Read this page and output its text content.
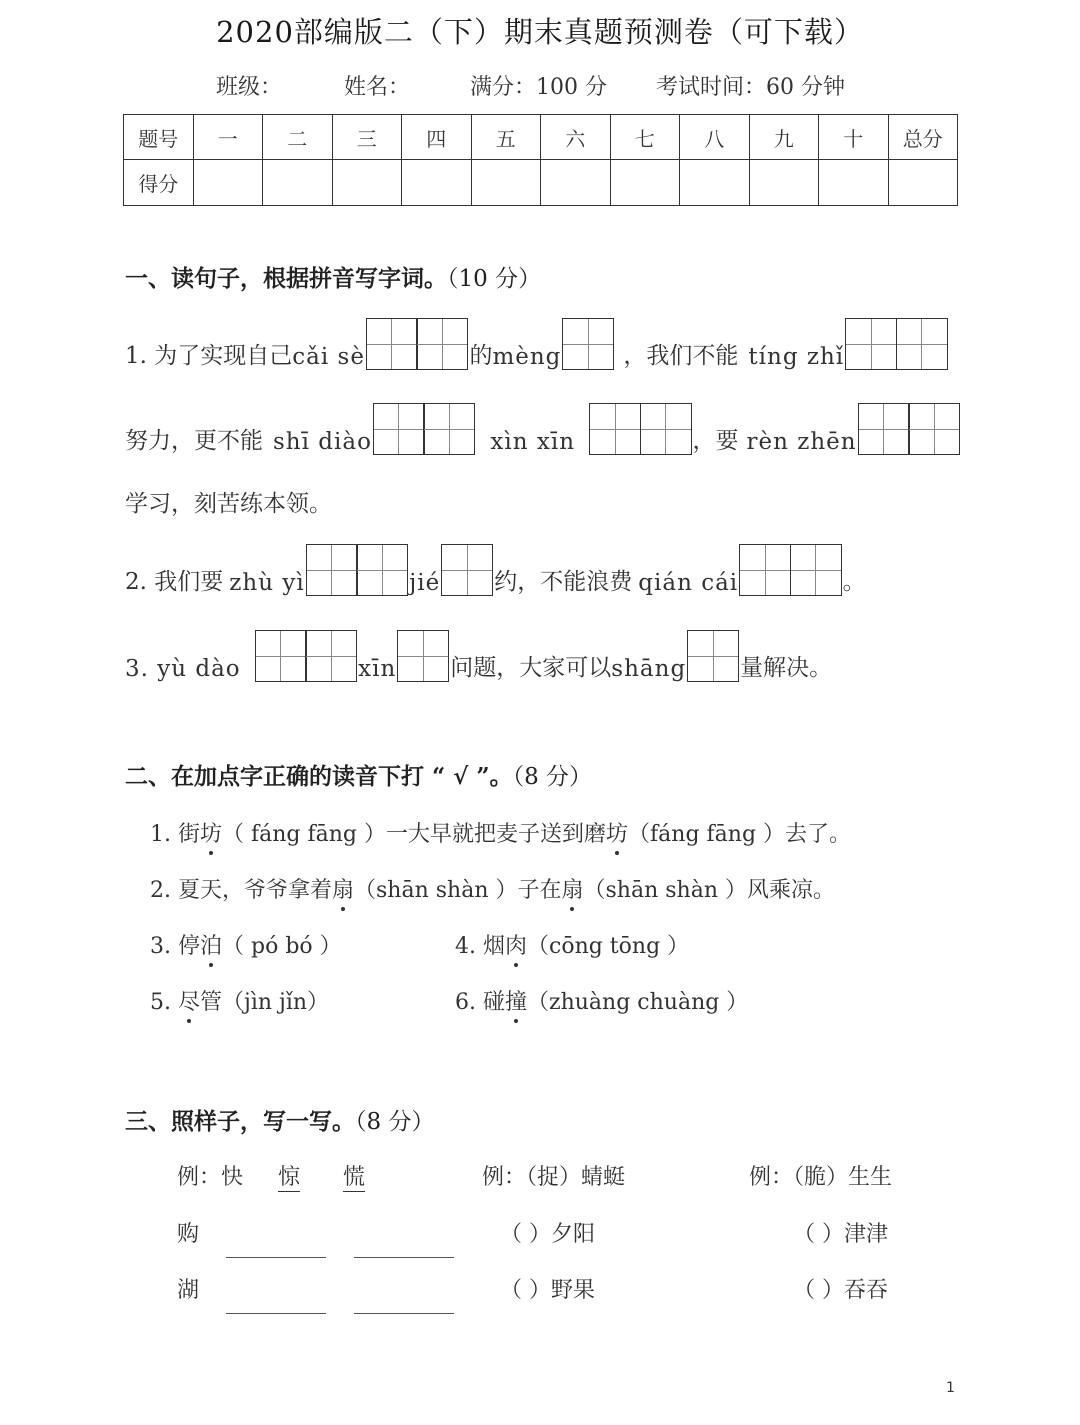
2020部编版二（下）期末真题预测卷（可下载）
班级：	姓名：	满分：100 分 考试时间：60 分钟
题号	一	二	三	四	五	六	七	八	九	十	总分
得分											
一、读句子，根据拼音写字词。（10 分）
1. 为了实现自己 cǎi sè	的 mèng	，我们不能 tíng zhǐ
努力，更不能 shī diào	xìn xīn	，要 rèn zhēn
学习，刻苦练本领。
2. 我们要 zhù yì	jié 约，不能浪费 qián cái	。
3. yù dào	xīn 问题，大家可以 shāng 量解决。
二、在加点字正确的读音下打 “ √ ”。（8 分）
1. 街坊（ fáng fāng ）一大早就把麦子送到磨坊（fáng fāng ）去了。
2. 夏天，爷爷拿着扇（shān shàn ）子在扇（shān shàn ）风乘凉。
3. 停泊（ pó bó ）	4. 烟肉（cōng tōng ）
5. 尽管（jìn jǐn）	6. 碰撞（zhuàng chuàng ）
三、照样子，写一写。（8 分）
例：快 惊 慌	例：（捉）蜻蜓	例：（脆）生生
购	（ ）夕阳	（ ）津津
湖	（ ）野果	（ ）吞吞
1
